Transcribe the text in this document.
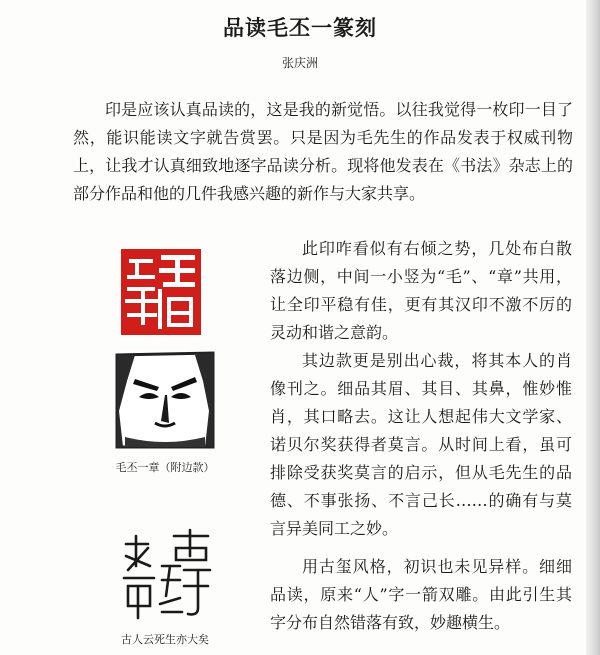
品读毛丕一篆刻
张庆洲

印是应该认真品读的，这是我的新觉悟。以往我觉得一枚印一目了然，能识能读文字就告赏罢。只是因为毛先生的作品发表于权威刊物上，让我才认真细致地逐字品读分析。现将他发表在《书法》杂志上的部分作品和他的几件我感兴趣的新作与大家共享。

毛丕一章（附边款）

此印咋看似有右倾之势，几处布白散落边侧，中间一小竖为“毛”、“章”共用，让全印平稳有佳，更有其汉印不激不厉的灵动和谐之意韵。

其边款更是别出心裁，将其本人的肖像刊之。细品其眉、其目、其鼻，惟妙惟肖，其口略去。这让人想起伟大文学家、诺贝尔奖获得者莫言。从时间上看，虽可排除受获奖莫言的启示，但从毛先生的品德、不事张扬、不言己长……的确有与莫言异美同工之妙。

用古玺风格，初识也未见异样。细细品读，原来“人”字一箭双雕。由此引生其字分布自然错落有致，妙趣横生。

古人云死生亦大矣
